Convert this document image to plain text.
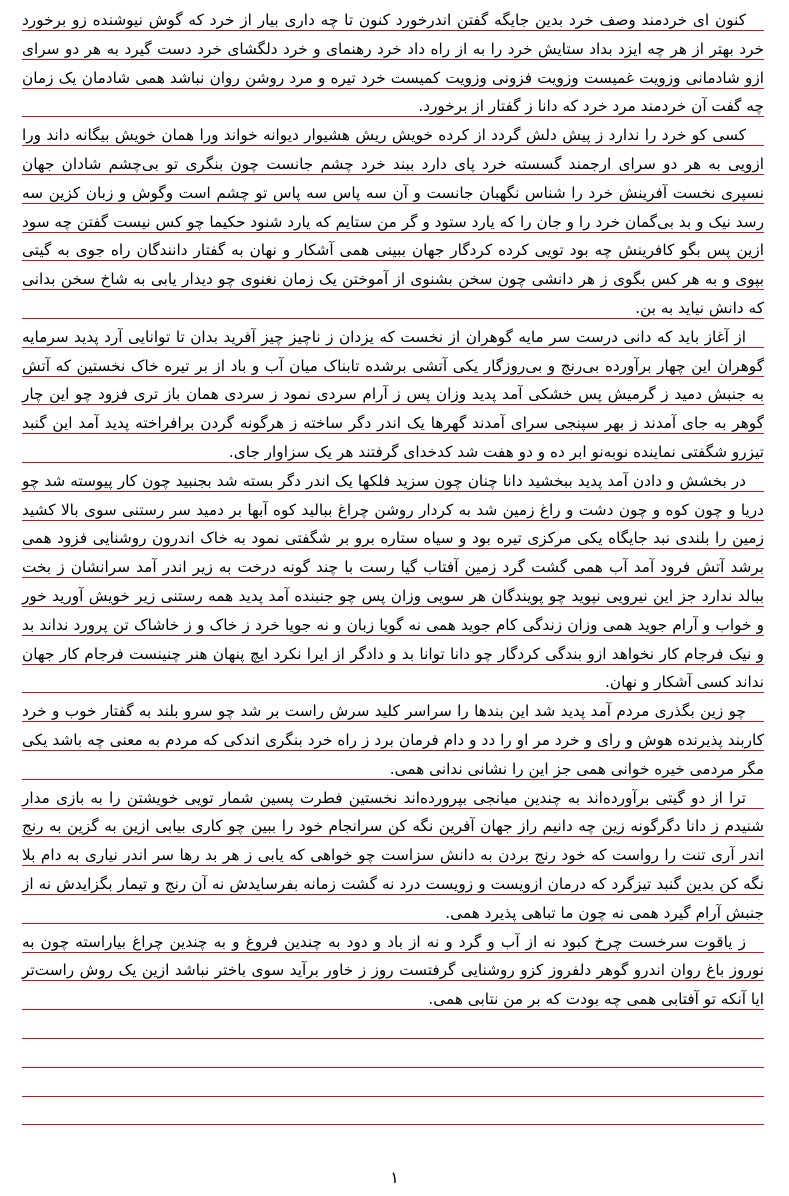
کنون ای خردمند وصف خرد بدین جایگه گفتن اندرخورد کنون تا چه داری بیار از خرد که گوش نیوشنده زو برخورد خرد بهتر از هر چه ایزد بداد ستایش خرد را به از راه داد خرد رهنمای و خرد دلگشای خرد دست گیرد به هر دو سرای ازو شادمانی وزویت غمیست وزویت فزونی وزویت کمیست خرد تیره و مرد روشن روان نباشد همی شادمان یک زمان چه گفت آن خردمند مرد خرد که دانا ز گفتار از برخورد.

کسی کو خرد را ندارد ز پیش دلش گردد از کرده خویش ریش هشیوار دیوانه خواند ورا همان خویش بیگانه داند ورا ازویی به هر دو سرای ارجمند گسسته خرد پای دارد ببند خرد چشم جانست چون بنگری تو بی‌چشم شادان جهان نسپری نخست آفرینش خرد را شناس نگهبان جانست و آن سه پاس سه پاس تو چشم است وگوش و زبان کزین سه رسد نیک و بد بی‌گمان خرد را و جان را که یارد ستود و گر من ستایم که یارد شنود حکیما چو کس نیست گفتن چه سود ازین پس بگو کافرینش چه بود تویی کرده کردگار جهان ببینی همی آشکار و نهان به گفتار دانندگان راه جوی به گیتی بپوی و به هر کس بگوی ز هر دانشی چون سخن بشنوی از آموختن یک زمان نغنوی چو دیدار یابی به شاخ سخن بدانی که دانش نیاید به بن.

از آغاز باید که دانی درست سر مایه گوهران از نخست که یزدان ز ناچیز چیز آفرید بدان تا توانایی آرد پدید سرمایه گوهران این چهار برآورده بی‌رنج و بی‌روزگار یکی آتشی برشده تابناک میان آب و باد از بر تیره خاک نخستین که آتش به جنبش دمید ز گرمیش پس خشکی آمد پدید وزان پس ز آرام سردی نمود ز سردی همان باز تری فزود چو این چار گوهر به جای آمدند ز بهر سپنجی سرای آمدند گهرها یک اندر دگر ساخته ز هرگونه گردن برافراخته پدید آمد این گنبد تیزرو شگفتی نماینده نوبه‌نو ابر ده و دو هفت شد کدخدای گرفتند هر یک سزاوار جای.

در بخشش و دادن آمد پدید ببخشید دانا چنان چون سزید فلکها یک اندر دگر بسته شد بجنبید چون کار پیوسته شد چو دریا و چون کوه و چون دشت و راغ زمین شد به کردار روشن چراغ ببالید کوه آبها بر دمید سر رستنی سوی بالا کشید زمین را بلندی نبد جایگاه یکی مرکزی تیره بود و سیاه ستاره برو بر شگفتی نمود به خاک اندرون روشنایی فزود همی برشد آتش فرود آمد آب همی گشت گرد زمین آفتاب گیا رست با چند گونه درخت به زیر اندر آمد سرانشان ز بخت ببالد ندارد جز این نیرویی نپوید چو پویندگان هر سویی وزان پس چو جنبنده آمد پدید همه رستنی زیر خویش آورید خور و خواب و آرام جوید همی وزان زندگی کام جوید همی نه گویا زبان و نه جویا خرد ز خاک و ز خاشاک تن پرورد نداند بد و نیک فرجام کار نخواهد ازو بندگی کردگار چو دانا توانا بد و دادگر از ایرا نکرد ایچ پنهان هنر چنینست فرجام کار جهان نداند کسی آشکار و نهان.

چو زین بگذری مردم آمد پدید شد این بندها را سراسر کلید سرش راست بر شد چو سرو بلند به گفتار خوب و خرد کاربند پذیرنده هوش و رای و خرد مر او را دد و دام فرمان برد ز راه خرد بنگری اندکی که مردم به معنی چه باشد یکی مگر مردمی خیره خوانی همی جز این را نشانی ندانی همی.

ترا از دو گیتی برآورده‌اند به چندین میانجی بپرورده‌اند نخستین فطرت پسین شمار تویی خویشتن را به بازی مدار شنیدم ز دانا دگرگونه زین چه دانیم راز جهان آفرین نگه کن سرانجام خود را ببین چو کاری بیابی ازین به گزین به رنج اندر آری تنت را رواست که خود رنج بردن به دانش سزاست چو خواهی که یابی ز هر بد رها سر اندر نیاری به دام بلا نگه کن بدین گنبد تیزگرد که درمان ازویست و زویست درد نه گشت زمانه بفرسایدش نه آن رنج و تیمار بگزایدش نه از جنبش آرام گیرد همی نه چون ما تباهی پذیرد همی.

ز یاقوت سرخست چرخ کبود نه از آب و گرد و نه از باد و دود به چندین فروغ و به چندین چراغ بیاراسته چون به نوروز باغ روان اندرو گوهر دلفروز کزو روشنایی گرفتست روز ز خاور برآید سوی باختر نباشد ازین یک روش راست‌تر ایا آنکه تو آفتابی همی چه بودت که بر من نتابی همی.

۱
